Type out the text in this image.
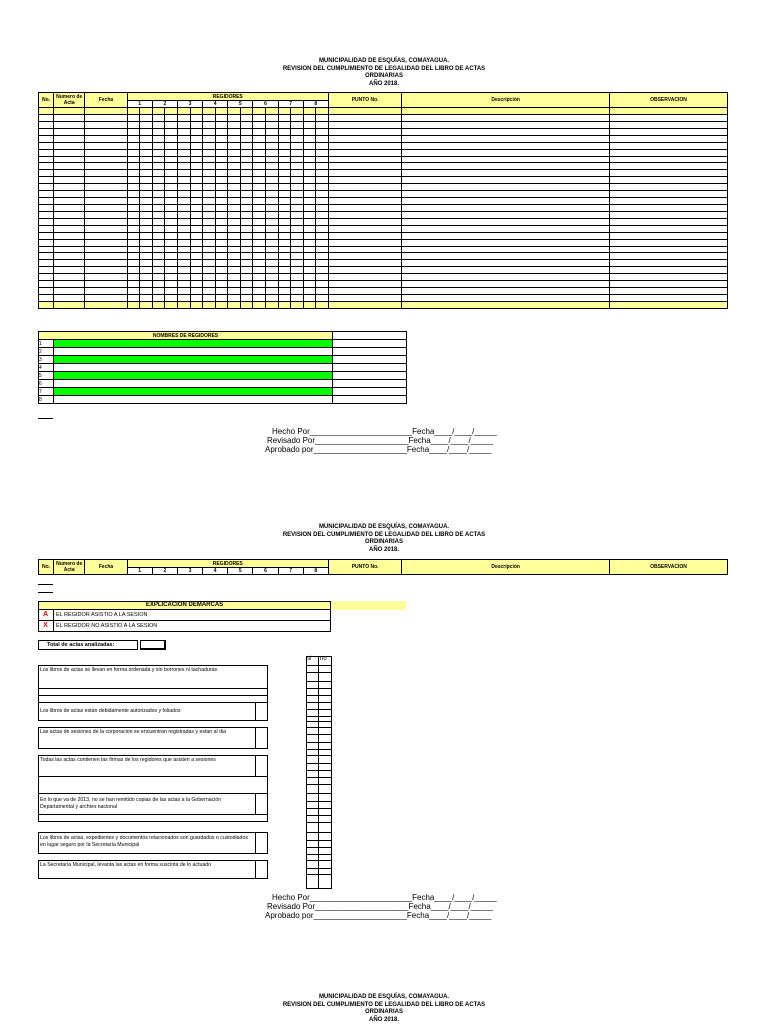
MUNICIPALIDAD DE ESQUÍAS, COMAYAGUA.
REVISION DEL CUMPLIMIENTO DE LEGALIDAD DEL LIBRO DE ACTAS
ORDINARIAS
AÑO 2018.
No.	Numero de Acta	Fecha	REGIDORES																PUNTO No.	Descripción	OBSERVACION
			1		2		3		4		5		6		7		8				

NOMBRES DE REGIDORES		
1		
2		
3		
4		
5		
6		
7		
8		
Hecho Por_______________________Fecha____/____/_____
Revisado Por_____________________Fecha____/____/_____
Aprobado por_____________________Fecha____/____/_____
MUNICIPALIDAD DE ESQUÍAS, COMAYAGUA.
REVISION DEL CUMPLIMIENTO DE LEGALIDAD DEL LIBRO DE ACTAS
ORDINARIAS
AÑO 2018.
No.	Numero de Acta	Fecha	REGIDORES								PUNTO No.	Descripción	OBSERVACION
			1	2	3	4	5	6	7	8			
EXPLICACION DEMARCAS
A	EL REGIDOR ASISTIO A LA SESION
X	EL REGIDOR NO ASISTIO A LA SESION
Total de actas analizadas:
si no
Los libros de actas se llevan en forma ordenada y sin borrones ni tachaduras
Los libros de actas estan debidamente autorizados y foliados
Las actas de sesiones de la corporacion se encuentran registradas y estan al dia
Todas las actas contienen las firmas de los regidores que asisten a sesiones
En lo que va de 2013, no se han remitido copias de las actas a la Gobernación Departamental y archivo nacional
Los libros de actas, expedientes y documentos relacionados son guardados o custodiados en lugar seguro por la Secretaría Municipal
La Secretaría Municipal, levanta las actas en forma suscinta de lo actuado
Hecho Por_______________________Fecha____/____/_____
Revisado Por_____________________Fecha____/____/_____
Aprobado por_____________________Fecha____/____/_____
MUNICIPALIDAD DE ESQUÍAS, COMAYAGUA.
REVISION DEL CUMPLIMIENTO DE LEGALIDAD DEL LIBRO DE ACTAS
ORDINARIAS
AÑO 2018.
